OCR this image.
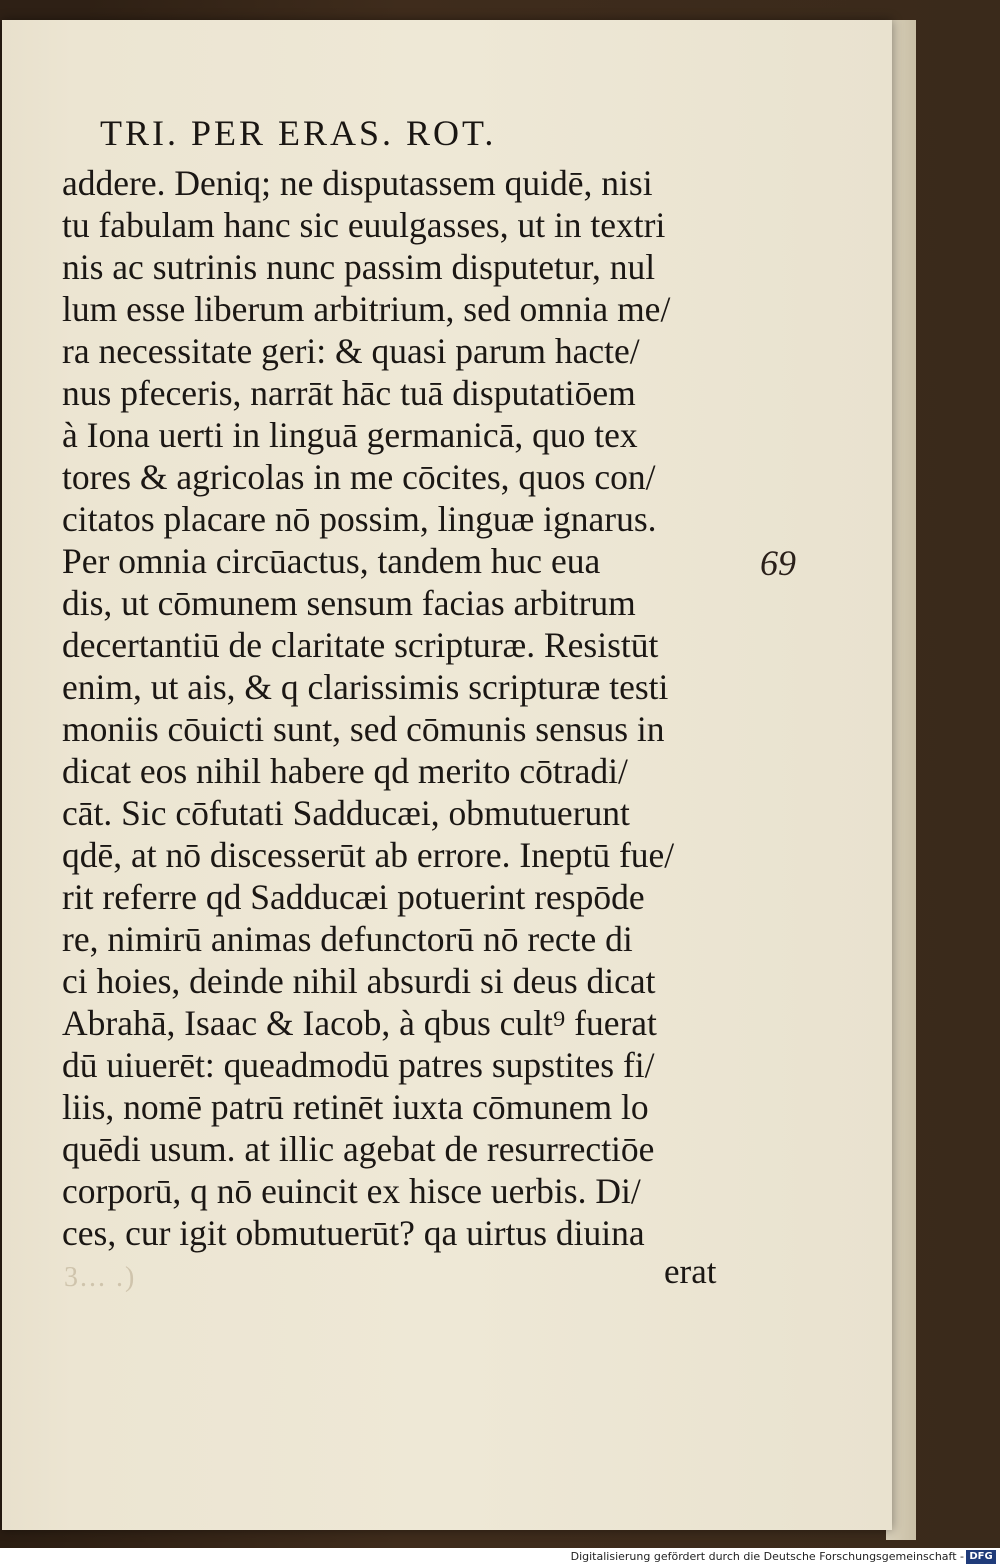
TRI. PER ERAS. ROT.
addere. Deniq; ne disputassem quidē, nisi
tu fabulam hanc sic euulgasses, ut in textri
nis ac sutrinis nunc passim disputetur, nul
lum esse liberum arbitrium, sed omnia me/
ra necessitate geri: & quasi parum hacte/
nus pfeceris, narrāt hāc tuā disputatiōem
à Iona uerti in linguā germanicā, quo tex
tores & agricolas in me cōcites, quos con/
citatos placare nō possim, linguæ ignarus.
Per omnia circūactus, tandem huc eua
dis, ut cōmunem sensum facias arbitrum
decertantiū de claritate scripturæ. Resistūt
enim, ut ais, & q clarissimis scripturæ testi
moniis cōuicti sunt, sed cōmunis sensus in
dicat eos nihil habere qd merito cōtradi/
cāt. Sic cōfutati Sadducæi, obmutuerunt
qdē, at nō discesserūt ab errore. Ineptū fue/
rit referre qd Sadducæi potuerint respōde
re, nimirū animas defunctorū nō recte di
ci hoies, deinde nihil absurdi si deus dicat
Abrahā, Isaac & Iacob, à qbus cult⁹ fuerat
dū uiuerēt: queadmodū patres supstites fi/
liis, nomē patrū retinēt iuxta cōmunem lo
quēdi usum. at illic agebat de resurrectiōe
corporū, q nō euincit ex hisce uerbis. Di/
ces, cur igit obmutuerūt? qa uirtus diuina
69
3... .)	erat
Digitalisierung gefördert durch die Deutsche Forschungsgemeinschaft - DFG
